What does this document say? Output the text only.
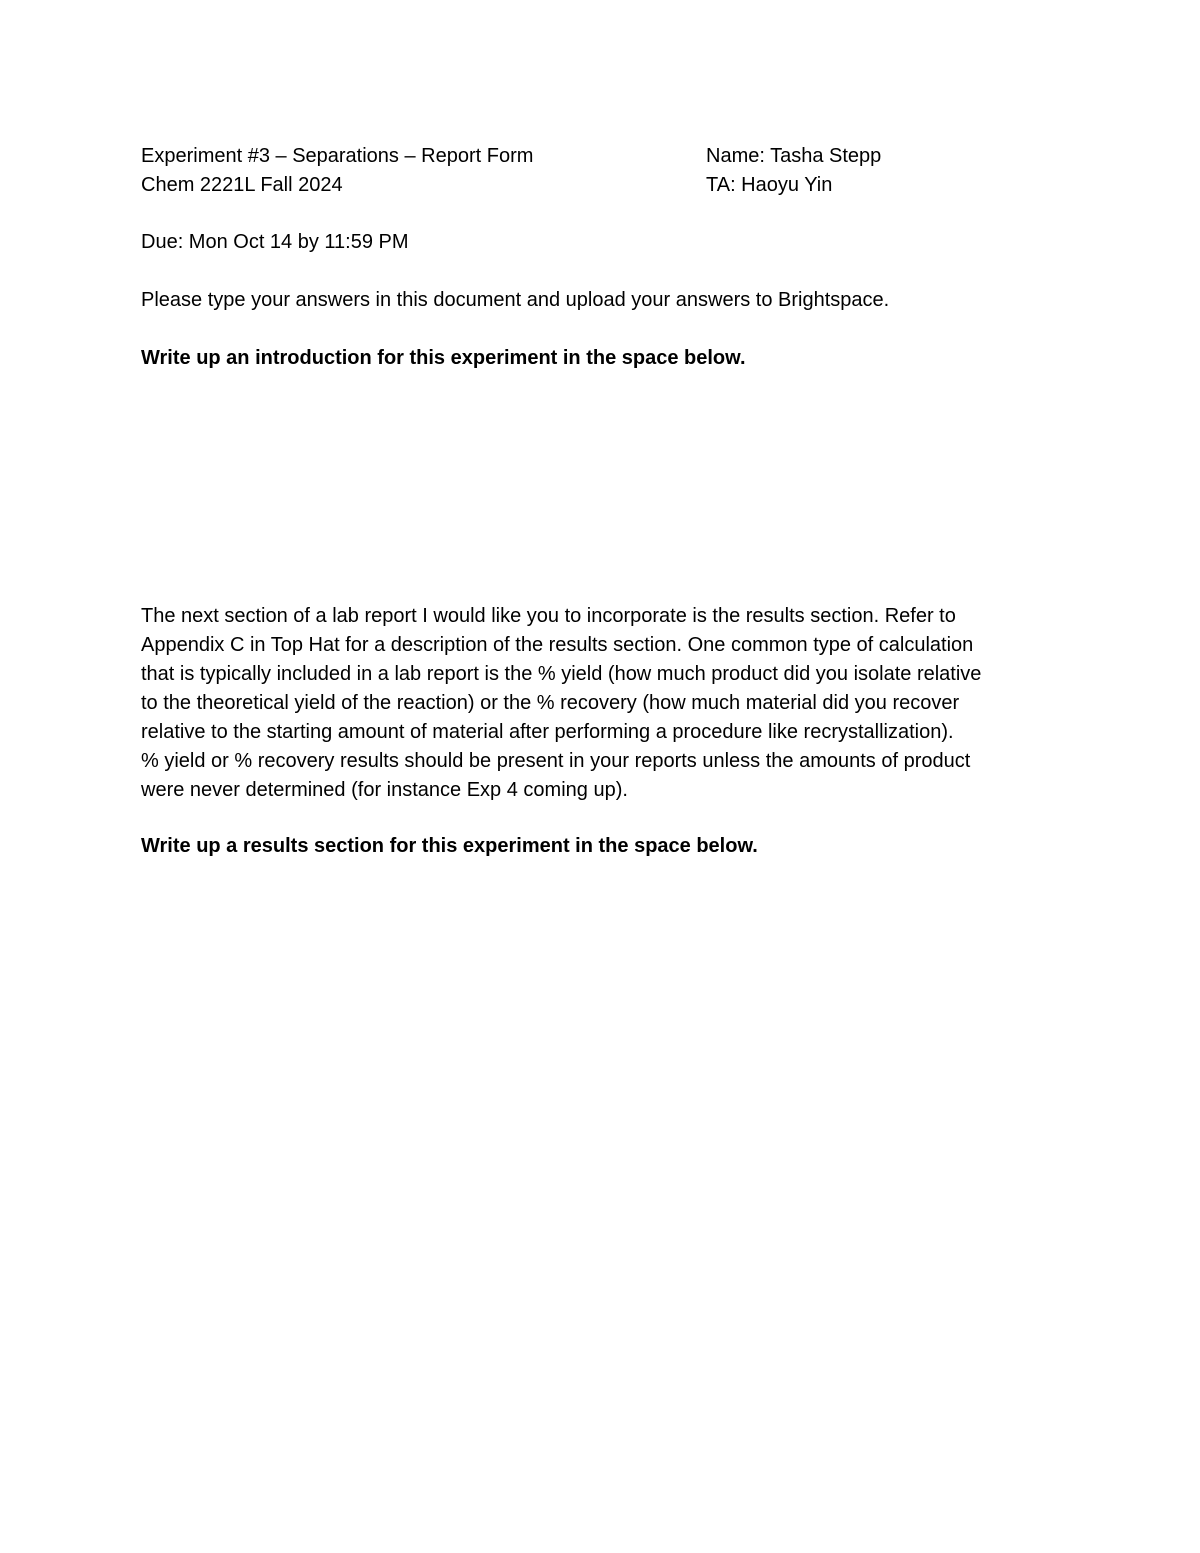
Experiment #3 – Separations – Report Form	Name: Tasha Stepp
Chem 2221L Fall 2024	TA: Haoyu Yin
Due: Mon Oct 14 by 11:59 PM
Please type your answers in this document and upload your answers to Brightspace.
Write up an introduction for this experiment in the space below.
The next section of a lab report I would like you to incorporate is the results section. Refer to
Appendix C in Top Hat for a description of the results section. One common type of calculation
that is typically included in a lab report is the % yield (how much product did you isolate relative
to the theoretical yield of the reaction) or the % recovery (how much material did you recover
relative to the starting amount of material after performing a procedure like recrystallization).
% yield or % recovery results should be present in your reports unless the amounts of product
were never determined (for instance Exp 4 coming up).
Write up a results section for this experiment in the space below.
